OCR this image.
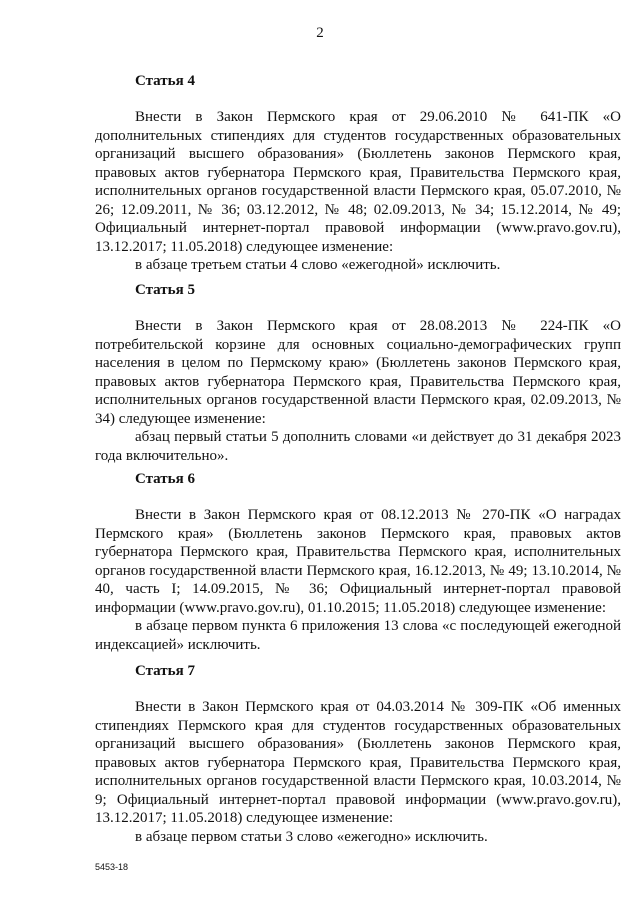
2

Статья 4

Внести в Закон Пермского края от 29.06.2010 № 641-ПК «О дополнительных стипендиях для студентов государственных образовательных организаций высшего образования» (Бюллетень законов Пермского края, правовых актов губернатора Пермского края, Правительства Пермского края, исполнительных органов государственной власти Пермского края, 05.07.2010, № 26; 12.09.2011, № 36; 03.12.2012, № 48; 02.09.2013, № 34; 15.12.2014, № 49; Официальный интернет-портал правовой информации (www.pravo.gov.ru), 13.12.2017; 11.05.2018) следующее изменение:

в абзаце третьем статьи 4 слово «ежегодной» исключить.

Статья 5

Внести в Закон Пермского края от 28.08.2013 № 224-ПК «О потребительской корзине для основных социально-демографических групп населения в целом по Пермскому краю» (Бюллетень законов Пермского края, правовых актов губернатора Пермского края, Правительства Пермского края, исполнительных органов государственной власти Пермского края, 02.09.2013, № 34) следующее изменение:

абзац первый статьи 5 дополнить словами «и действует до 31 декабря 2023 года включительно».

Статья 6

Внести в Закон Пермского края от 08.12.2013 № 270-ПК «О наградах Пермского края» (Бюллетень законов Пермского края, правовых актов губернатора Пермского края, Правительства Пермского края, исполнительных органов государственной власти Пермского края, 16.12.2013, № 49; 13.10.2014, № 40, часть I; 14.09.2015, № 36; Официальный интернет-портал правовой информации (www.pravo.gov.ru), 01.10.2015; 11.05.2018) следующее изменение:

в абзаце первом пункта 6 приложения 13 слова «с последующей ежегодной индексацией» исключить.

Статья 7

Внести в Закон Пермского края от 04.03.2014 № 309-ПК «Об именных стипендиях Пермского края для студентов государственных образовательных организаций высшего образования» (Бюллетень законов Пермского края, правовых актов губернатора Пермского края, Правительства Пермского края, исполнительных органов государственной власти Пермского края, 10.03.2014, № 9; Официальный интернет-портал правовой информации (www.pravo.gov.ru), 13.12.2017; 11.05.2018) следующее изменение:

в абзаце первом статьи 3 слово «ежегодно» исключить.

5453-18
